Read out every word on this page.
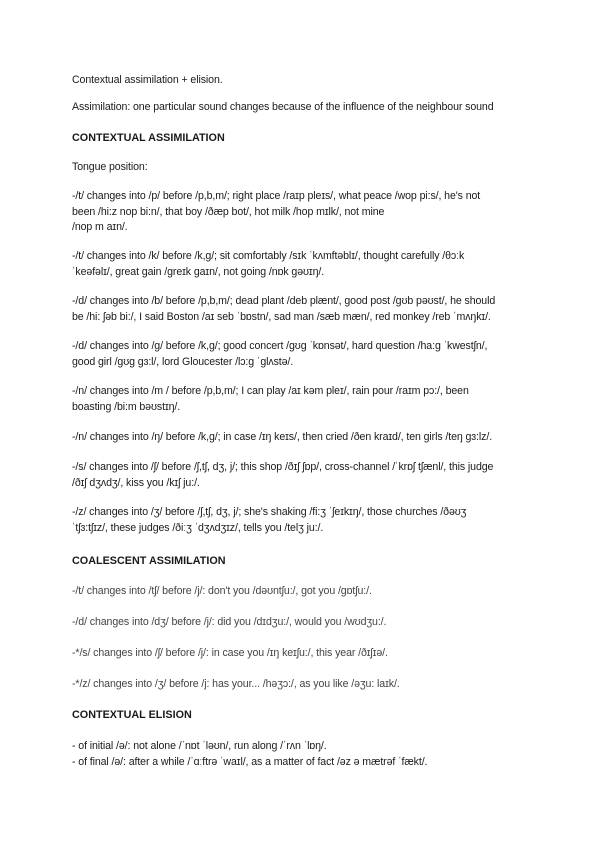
Contextual assimilation + elision.
Assimilation: one particular sound changes because of the influence of the neighbour sound
CONTEXTUAL ASSIMILATION
Tongue position:
-/t/ changes into /p/ before /p,b,m/; right place /raɪp pleɪs/, what peace /wop pi:s/, he's not
been /hi:z nop bi:n/, that boy /ðæp bot/, hot milk /hop mɪlk/, not mine
/nop m aɪn/.
-/t/ changes into /k/ before /k,g/; sit comfortably /sɪk ˈkʌmftəblɪ/, thought carefully /θɔːk
ˈkeəfəlɪ/, great gain /greɪk gaɪn/, not going /nɒk gəʊɪŋ/.
-/d/ changes into /b/ before /p,b,m/; dead plant /deb plænt/, good post /gʊb pəʊst/, he should
be /hi: ʃəb bi:/, I said Boston /aɪ seb ˈbɒstn/, sad man /sæb mæn/, red monkey /reb ˈmʌŋkɪ/.
-/d/ changes into /g/ before /k,g/; good concert /gʊg ˈkɒnsət/, hard question /ha:g ˈkwestʃn/,
good girl /gʊg gɜ:l/, lord Gloucester /lɔ:g ˈglʌstə/.
-/n/ changes into /m / before /p,b,m/; I can play /aɪ kəm pleɪ/, rain pour /raɪm pɔ:/, been
boasting /bi:m bəʊstɪŋ/.
-/n/ changes into /ŋ/ before /k,g/; in case /ɪŋ keɪs/, then cried /ðen kraɪd/, ten girls /teŋ gɜ:lz/.
-/s/ changes into /ʃ/ before /ʃ,tʃ, dʒ, j/; this shop /ðɪʃ ʃɒp/, cross-channel /ˈkrɒʃ tʃænl/, this judge
/ðɪʃ dʒʌdʒ/, kiss you /kɪʃ ju:/.
-/z/ changes into /ʒ/ before /ʃ,tʃ, dʒ, j/; she's shaking /fi:ʒ ˈʃeɪkɪŋ/, those churches /ðəʊʒ
ˈtʃɜ:tʃɪz/, these judges /ðiːʒ ˈdʒʌdʒɪz/, tells you /telʒ ju:/.
COALESCENT ASSIMILATION
-/t/ changes into /tʃ/ before /j/: don't you /dəʊntʃu:/, got you /gɒtʃu:/.
-/d/ changes into /dʒ/ before /j/: did you /dɪdʒu:/, would you /wʊdʒu:/.
-*/s/ changes into /ʃ/ before /j/: in case you /ɪŋ keɪʃu:/, this year /ðɪʃɪə/.
-*/z/ changes into /ʒ/ before /j: has your... /həʒɔ:/, as you like /əʒu: laɪk/.
CONTEXTUAL ELISION
- of initial /ə/: not alone /ˈnɒt ˈləʊn/, run along /ˈrʌn ˈlɒŋ/.
- of final /ə/: after a while /ˈɑːftrə ˈwaɪl/, as a matter of fact /əz ə mætrəf ˈfækt/.
